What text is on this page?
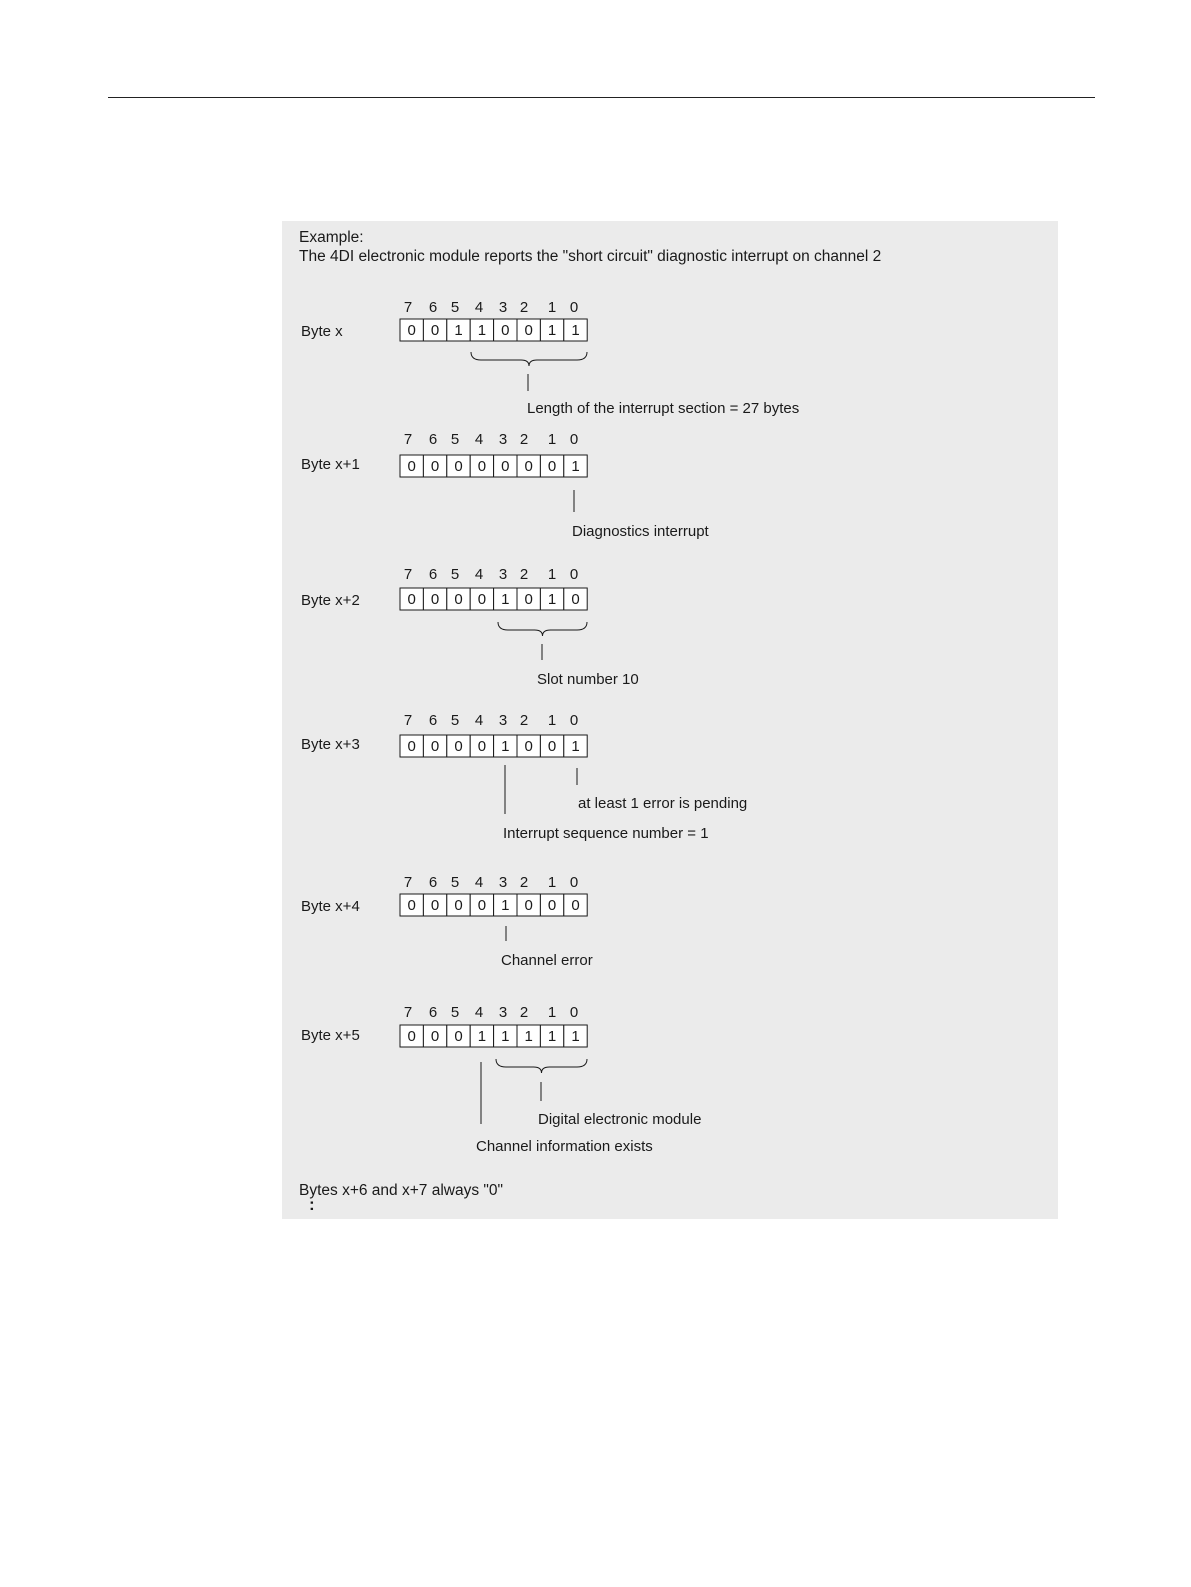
Example:
The 4DI electronic module reports the "short circuit" diagnostic interrupt on channel 2
Bytes x+6 and x+7 always "0"
:
Byte x
7 6 5 4 3 2 1 0
0 0 1 1 0 0 1 1
Length of the interrupt section = 27 bytes
Byte x+1
7 6 5 4 3 2 1 0
0 0 0 0 0 0 0 1
Diagnostics interrupt
Byte x+2
7 6 5 4 3 2 1 0
0 0 0 0 1 0 1 0
Slot number 10
Byte x+3
7 6 5 4 3 2 1 0
0 0 0 0 1 0 0 1
at least 1 error is pending
Interrupt sequence number = 1
Byte x+4
7 6 5 4 3 2 1 0
0 0 0 0 1 0 0 0
Channel error
Byte x+5
7 6 5 4 3 2 1 0
0 0 0 1 1 1 1 1
Digital electronic module
Channel information exists
